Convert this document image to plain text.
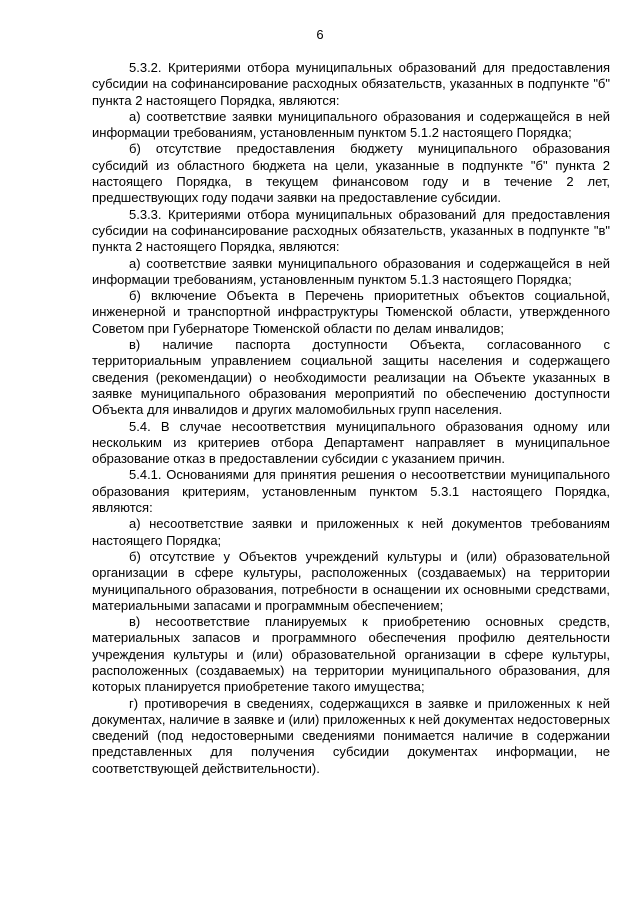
6

5.3.2. Критериями отбора муниципальных образований для предоставления субсидии на софинансирование расходных обязательств, указанных в подпункте "б" пункта 2 настоящего Порядка, являются:

а) соответствие заявки муниципального образования и содержащейся в ней информации требованиям, установленным пунктом 5.1.2 настоящего Порядка;

б) отсутствие предоставления бюджету муниципального образования субсидий из областного бюджета на цели, указанные в подпункте "б" пункта 2 настоящего Порядка, в текущем финансовом году и в течение 2 лет, предшествующих году подачи заявки на предоставление субсидии.

5.3.3. Критериями отбора муниципальных образований для предоставления субсидии на софинансирование расходных обязательств, указанных в подпункте "в" пункта 2 настоящего Порядка, являются:

а) соответствие заявки муниципального образования и содержащейся в ней информации требованиям, установленным пунктом 5.1.3 настоящего Порядка;

б) включение Объекта в Перечень приоритетных объектов социальной, инженерной и транспортной инфраструктуры Тюменской области, утвержденного Советом при Губернаторе Тюменской области по делам инвалидов;

в) наличие паспорта доступности Объекта, согласованного с территориальным управлением социальной защиты населения и содержащего сведения (рекомендации) о необходимости реализации на Объекте указанных в заявке муниципального образования мероприятий по обеспечению доступности Объекта для инвалидов и других маломобильных групп населения.

5.4. В случае несоответствия муниципального образования одному или нескольким из критериев отбора Департамент направляет в муниципальное образование отказ в предоставлении субсидии с указанием причин.

5.4.1. Основаниями для принятия решения о несоответствии муниципального образования критериям, установленным пунктом 5.3.1 настоящего Порядка, являются:

а) несоответствие заявки и приложенных к ней документов требованиям настоящего Порядка;

б) отсутствие у Объектов учреждений культуры и (или) образовательной организации в сфере культуры, расположенных (создаваемых) на территории муниципального образования, потребности в оснащении их основными средствами, материальными запасами и программным обеспечением;

в) несоответствие планируемых к приобретению основных средств, материальных запасов и программного обеспечения профилю деятельности учреждения культуры и (или) образовательной организации в сфере культуры, расположенных (создаваемых) на территории муниципального образования, для которых планируется приобретение такого имущества;

г) противоречия в сведениях, содержащихся в заявке и приложенных к ней документах, наличие в заявке и (или) приложенных к ней документах недостоверных сведений (под недостоверными сведениями понимается наличие в содержании представленных для получения субсидии документах информации, не соответствующей действительности).
